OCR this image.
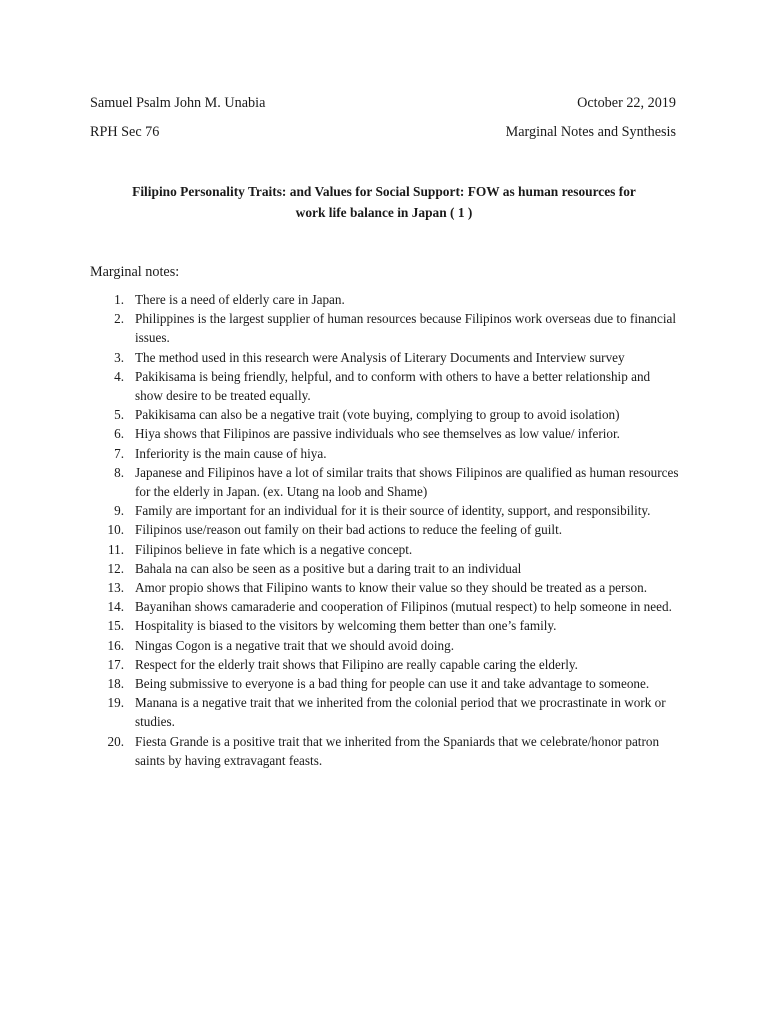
Samuel Psalm John M. Unabia	October 22, 2019
RPH Sec 76	Marginal Notes and Synthesis
Filipino Personality Traits: and Values for Social Support: FOW as human resources for
work life balance in Japan ( 1 )
Marginal notes:
1. There is a need of elderly care in Japan.
2. Philippines is the largest supplier of human resources because Filipinos work overseas due to financial issues.
3. The method used in this research were Analysis of Literary Documents and Interview survey
4. Pakikisama is being friendly, helpful, and to conform with others to have a better relationship and show desire to be treated equally.
5. Pakikisama can also be a negative trait (vote buying, complying to group to avoid isolation)
6. Hiya shows that Filipinos are passive individuals who see themselves as low value/ inferior.
7. Inferiority is the main cause of hiya.
8. Japanese and Filipinos have a lot of similar traits that shows Filipinos are qualified as human resources for the elderly in Japan. (ex. Utang na loob and Shame)
9. Family are important for an individual for it is their source of identity, support, and responsibility.
10. Filipinos use/reason out family on their bad actions to reduce the feeling of guilt.
11. Filipinos believe in fate which is a negative concept.
12. Bahala na can also be seen as a positive but a daring trait to an individual
13. Amor propio shows that Filipino wants to know their value so they should be treated as a person.
14. Bayanihan shows camaraderie and cooperation of Filipinos (mutual respect) to help someone in need.
15. Hospitality is biased to the visitors by welcoming them better than one’s family.
16. Ningas Cogon is a negative trait that we should avoid doing.
17. Respect for the elderly trait shows that Filipino are really capable caring the elderly.
18. Being submissive to everyone is a bad thing for people can use it and take advantage to someone.
19. Manana is a negative trait that we inherited from the colonial period that we procrastinate in work or studies.
20. Fiesta Grande is a positive trait that we inherited from the Spaniards that we celebrate/honor patron saints by having extravagant feasts.
